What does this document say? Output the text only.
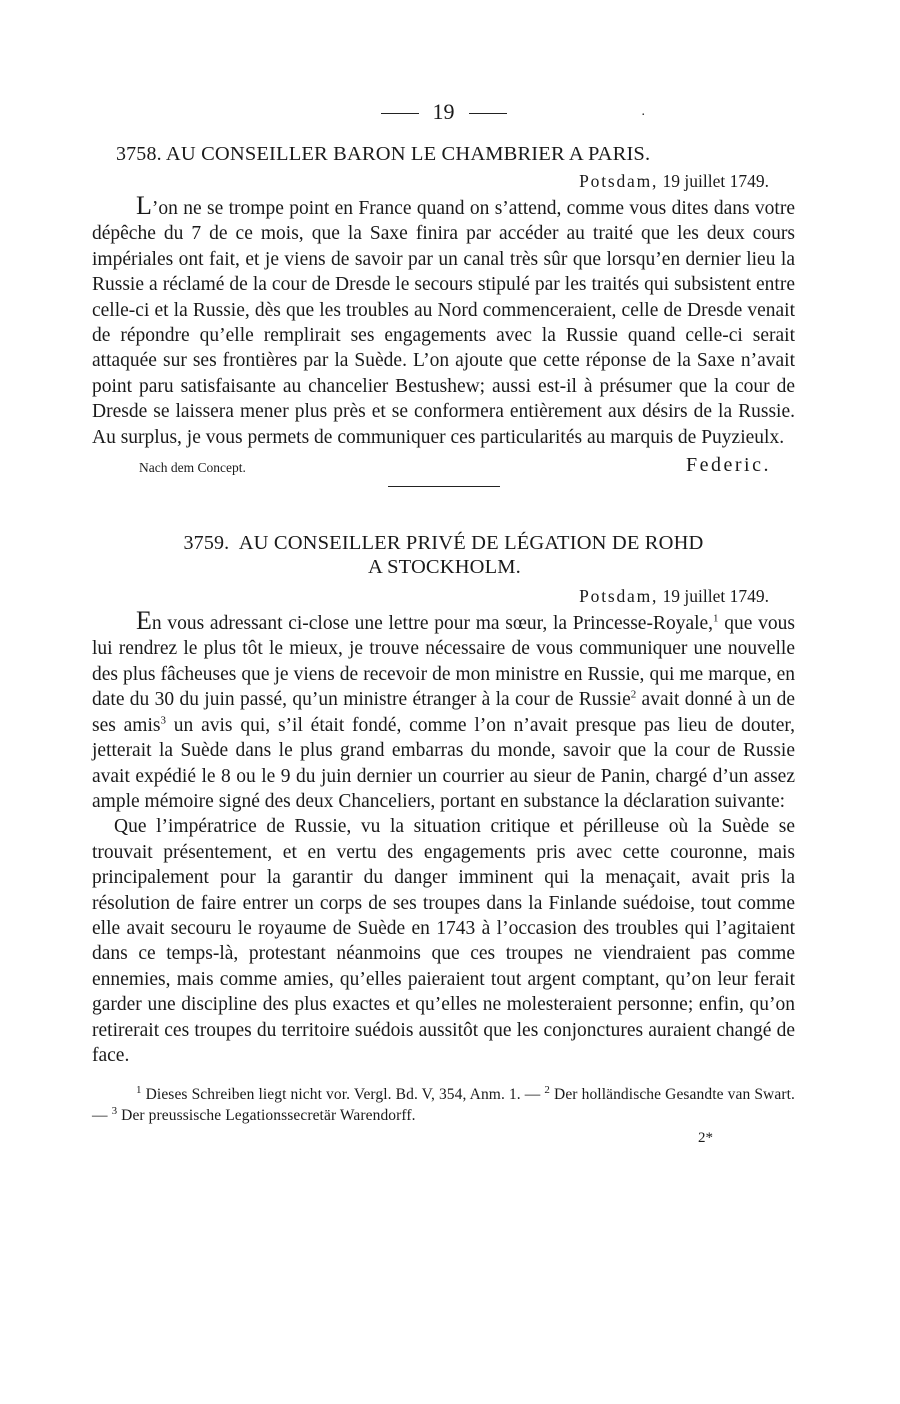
19	.
3758. AU CONSEILLER BARON LE CHAMBRIER A PARIS.
Potsdam, 19 juillet 1749.

L’on ne se trompe point en France quand on s’attend, comme vous dites dans votre dépêche du 7 de ce mois, que la Saxe finira par accéder au traité que les deux cours impériales ont fait, et je viens de savoir par un canal très sûr que lorsqu’en dernier lieu la Russie a réclamé de la cour de Dresde le secours stipulé par les traités qui subsistent entre celle-ci et la Russie, dès que les troubles au Nord commenceraient, celle de Dresde venait de répondre qu’elle remplirait ses engagements avec la Russie quand celle-ci serait attaquée sur ses frontières par la Suède. L’on ajoute que cette réponse de la Saxe n’avait point paru satisfaisante au chancelier Bestushew; aussi est-il à présumer que la cour de Dresde se laissera mener plus près et se conformera entièrement aux désirs de la Russie. Au surplus, je vous permets de communiquer ces particularités au marquis de Puyzieulx.

Nach dem Concept.	Federic.
3759. AU CONSEILLER PRIVÉ DE LÉGATION DE ROHD
A STOCKHOLM.
Potsdam, 19 juillet 1749.

En vous adressant ci-close une lettre pour ma sœur, la Princesse-Royale,$^1$ que vous lui rendrez le plus tôt le mieux, je trouve nécessaire de vous communiquer une nouvelle des plus fâcheuses que je viens de recevoir de mon ministre en Russie, qui me marque, en date du 30 du juin passé, qu’un ministre étranger à la cour de Russie$^2$ avait donné à un de ses amis$^3$ un avis qui, s’il était fondé, comme l’on n’avait presque pas lieu de douter, jetterait la Suède dans le plus grand embarras du monde, savoir que la cour de Russie avait expédié le 8 ou le 9 du juin dernier un courrier au sieur de Panin, chargé d’un assez ample mémoire signé des deux Chanceliers, portant en substance la déclaration suivante:

Que l’impératrice de Russie, vu la situation critique et périlleuse où la Suède se trouvait présentement, et en vertu des engagements pris avec cette couronne, mais principalement pour la garantir du danger imminent qui la menaçait, avait pris la résolution de faire entrer un corps de ses troupes dans la Finlande suédoise, tout comme elle avait secouru le royaume de Suède en 1743 à l’occasion des troubles qui l’agitaient dans ce temps-là, protestant néanmoins que ces troupes ne viendraient pas comme ennemies, mais comme amies, qu’elles paieraient tout argent comptant, qu’on leur ferait garder une discipline des plus exactes et qu’elles ne molesteraient personne; enfin, qu’on retirerait ces troupes du territoire suédois aussitôt que les conjonctures auraient changé de face.

$^1$ Dieses Schreiben liegt nicht vor. Vergl. Bd. V, 354, Anm. 1. — $^2$ Der holländische Gesandte van Swart. — $^3$ Der preussische Legationssecretär Warendorff.
2*
